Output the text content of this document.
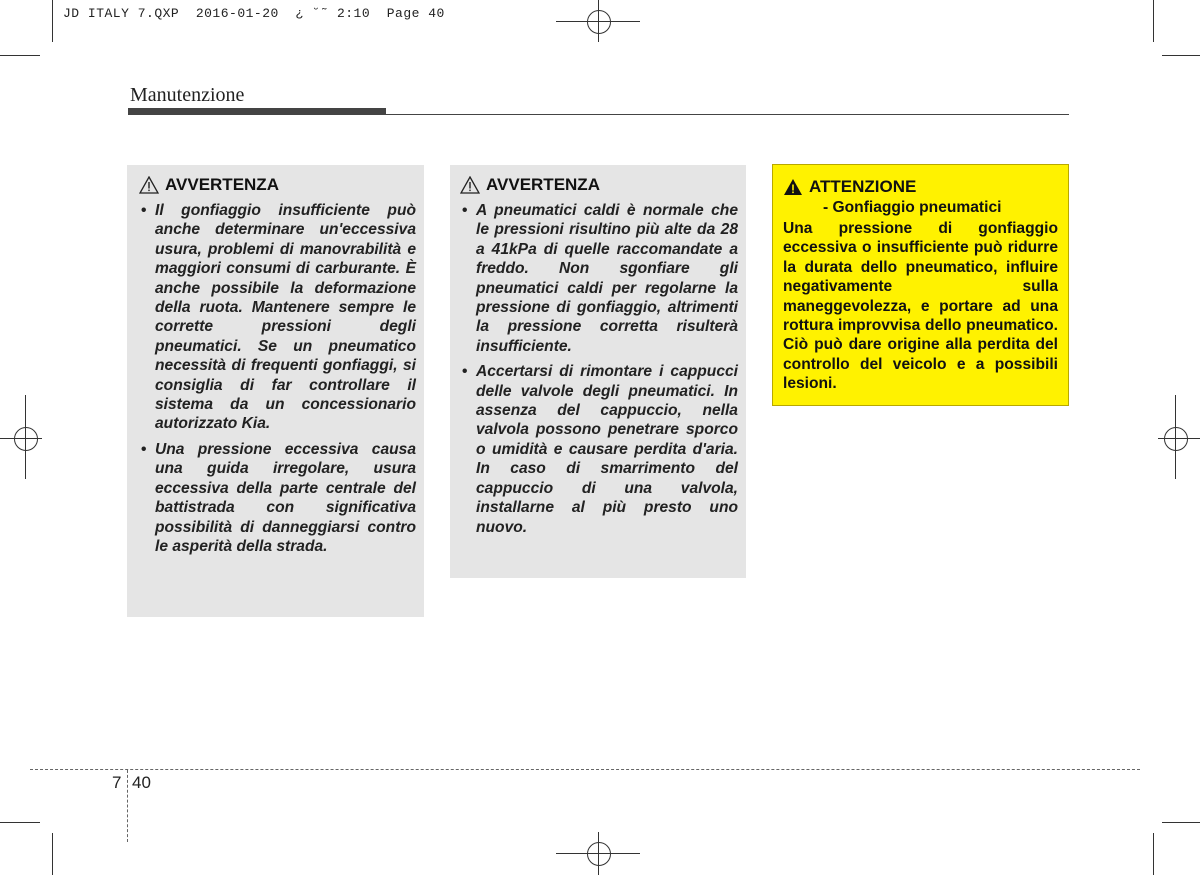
JD ITALY 7.QXP  2016-01-20  ¿ ˘˜ 2:10  Page 40
Manutenzione
AVVERTENZA
• Il gonfiaggio insufficiente può anche determinare un'eccessiva usura, problemi di manovrabilità e maggiori consumi di carburante. È anche possibile la deformazione della ruota. Mantenere sempre le corrette pressioni degli pneumatici. Se un pneumatico necessità di frequenti gonfiaggi, si consiglia di far controllare il sistema da un concessionario autorizzato Kia.
• Una pressione eccessiva causa una guida irregolare, usura eccessiva della parte centrale del battistrada con significativa possibilità di danneggiarsi contro le asperità della strada.
AVVERTENZA
• A pneumatici caldi è normale che le pressioni risultino più alte da 28 a 41kPa di quelle raccomandate a freddo. Non sgonfiare gli pneumatici caldi per regolarne la pressione di gonfiaggio, altrimenti la pressione corretta risulterà insufficiente.
• Accertarsi di rimontare i cappucci delle valvole degli pneumatici. In assenza del cappuccio, nella valvola possono penetrare sporco o umidità e causare perdita d'aria. In caso di smarrimento del cappuccio di una valvola, installarne al più presto uno nuovo.
ATTENZIONE
- Gonfiaggio pneumatici
Una pressione di gonfiaggio eccessiva o insufficiente può ridurre la durata dello pneumatico, influire negativamente sulla maneggevolezza, e portare ad una rottura improvvisa dello pneumatico. Ciò può dare origine alla perdita del controllo del veicolo e a possibili lesioni.
7 40
